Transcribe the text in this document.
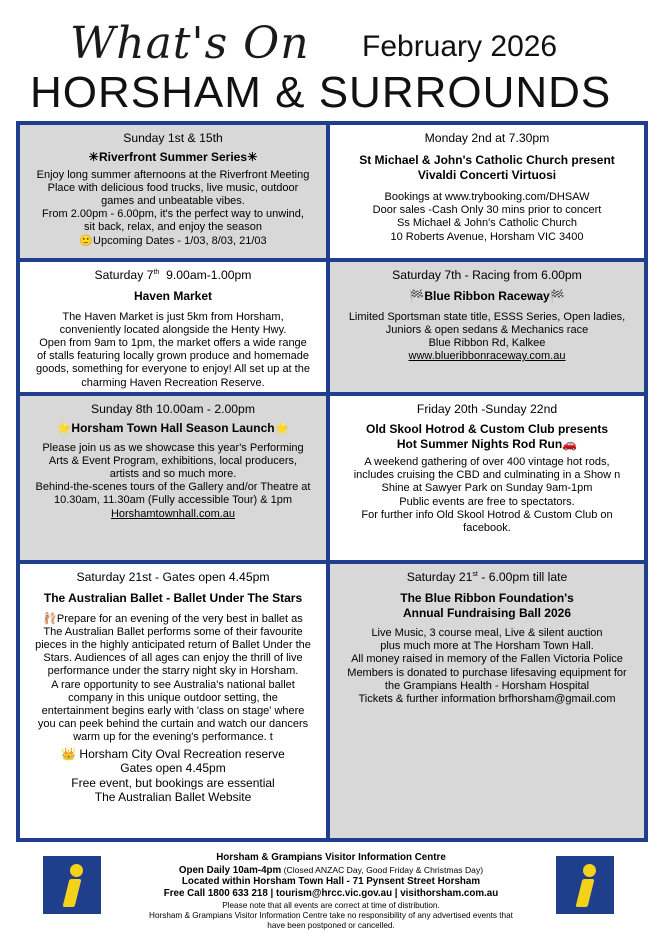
What's On February 2026
HORSHAM & SURROUNDS
Sunday 1st & 15th
☀Riverfront Summer Series☀

Enjoy long summer afternoons at the Riverfront Meeting

Place with delicious food trucks, live music, outdoor

games and unbeatable vibes.

From 2.00pm - 6.00pm, it's the perfect way to unwind,

sit back, relax, and enjoy the season

🙂Upcoming Dates - 1/03, 8/03, 21/03

Monday 2nd at 7.30pm

St Michael & John's Catholic Church present

Vivaldi Concerti Virtuosi

Bookings at www.trybooking.com/DHSAW

Door sales -Cash Only 30 mins prior to concert

Ss Michael & John's Catholic Church

10 Roberts Avenue, Horsham VIC 3400

Saturday 7th 9.00am-1.00pm
Haven Market

The Haven Market is just 5km from Horsham,

conveniently located alongside the Henty Hwy.

Open from 9am to 1pm, the market offers a wide range

of stalls featuring locally grown produce and homemade

goods, something for everyone to enjoy! All set up at the

charming Haven Recreation Reserve.

Saturday 7th - Racing from 6.00pm
🏁Blue Ribbon Raceway🏁

Limited Sportsman state title, ESSS Series, Open ladies,

Juniors & open sedans & Mechanics race

Blue Ribbon Rd, Kalkee

www.blueribbonraceway.com.au

Sunday 8th 10.00am - 2.00pm
⭐Horsham Town Hall Season Launch⭐

Please join us as we showcase this year's Performing

Arts & Event Program, exhibitions, local producers,

artists and so much more.

Behind-the-scenes tours of the Gallery and/or Theatre at

10.30am, 11.30am (Fully accessible Tour) & 1pm

Horshamtownhall.com.au

Friday 20th -Sunday 22nd

Old Skool Hotrod & Custom Club presents

Hot Summer Nights Rod Run🚗

A weekend gathering of over 400 vintage hot rods,

includes cruising the CBD and culminating in a Show n

Shine at Sawyer Park on Sunday 9am-1pm

Public events are free to spectators.

For further info Old Skool Hotrod & Custom Club on

facebook.

Saturday 21st - Gates open 4.45pm
The Australian Ballet - Ballet Under The Stars

🩰Prepare for an evening of the very best in ballet as

The Australian Ballet performs some of their favourite

pieces in the highly anticipated return of Ballet Under the

Stars. Audiences of all ages can enjoy the thrill of live

performance under the starry night sky in Horsham.

A rare opportunity to see Australia's national ballet

company in this unique outdoor setting, the

entertainment begins early with 'class on stage' where

you can peek behind the curtain and watch our dancers

warm up for the evening's performance. t

👑 Horsham City Oval Recreation reserve

Gates open 4.45pm

Free event, but bookings are essential

The Australian Ballet Website

Saturday 21st - 6.00pm till late

The Blue Ribbon Foundation's

Annual Fundraising Ball 2026

Live Music, 3 course meal, Live & silent auction

plus much more at The Horsham Town Hall.

All money raised in memory of the Fallen Victoria Police

Members is donated to purchase lifesaving equipment for

the Grampians Health - Horsham Hospital

Tickets & further information brfhorsham@gmail.com

Horsham & Grampians Visitor Information Centre
Open Daily 10am-4pm (Closed ANZAC Day, Good Friday & Christmas Day)
Located within Horsham Town Hall - 71 Pynsent Street Horsham
Free Call 1800 633 218 | tourism@hrcc.vic.gov.au | visithorsham.com.au
Please note that all events are correct at time of distribution.
Horsham & Grampians Visitor Information Centre take no responsibility of any advertised events that
have been postponed or cancelled.
